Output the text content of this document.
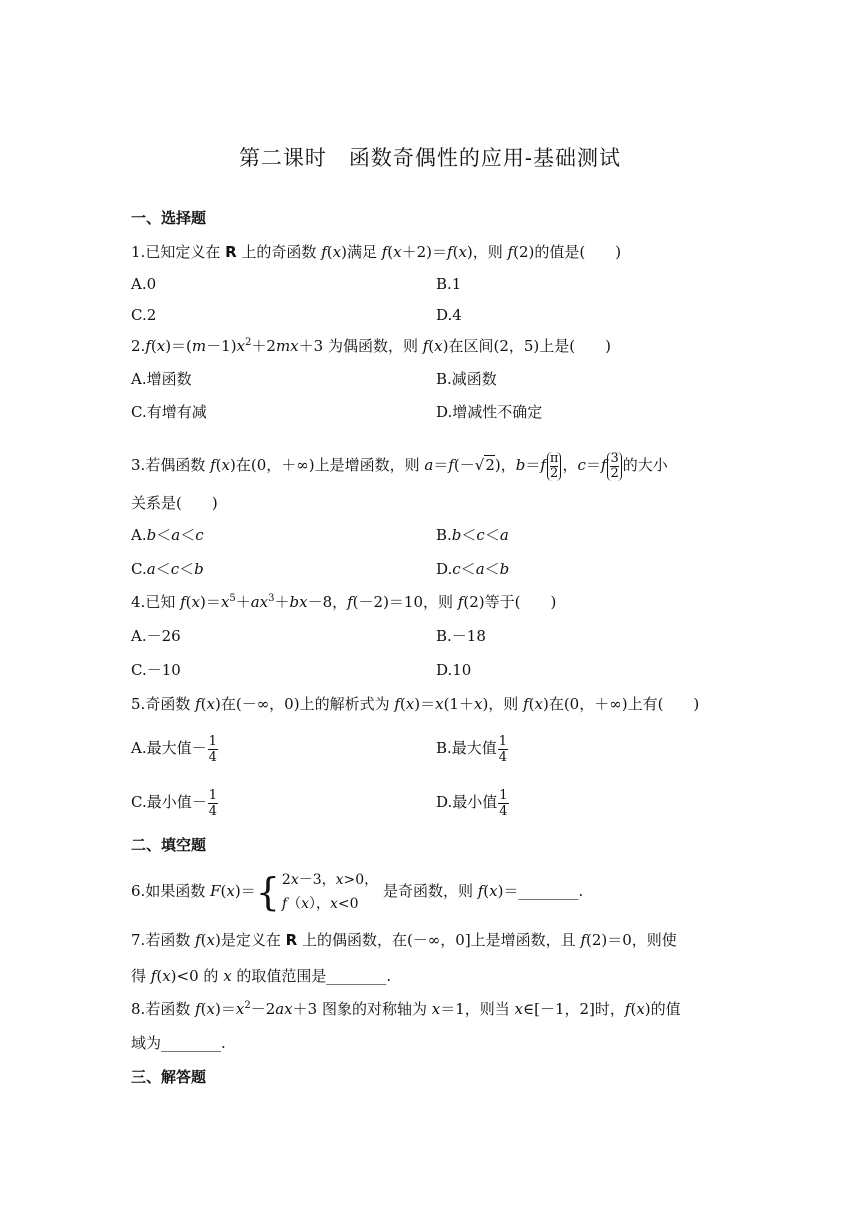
第二课时　函数奇偶性的应用-基础测试
一、选择题
1.已知定义在 R 上的奇函数 f(x)满足 f(x＋2)＝f(x)，则 f(2)的值是(　　)
A.0	B.1
C.2	D.4
$2.f(x)=(m-1)x^2+2mx+3$ 为偶函数，则 f(x)在区间(2，5)上是(　　)
A.增函数	B.减函数
C.有增有减	D.增减性不确定
3.若偶函数 f(x)在(0，＋∞)上是增函数，则 a＝f(－√2)，$b=f \frac{\pi}{2}$ ，$c=f \frac{3}{2}$ 的大小
关系是(　　)
A.b＜a＜c	B.b＜c＜a
C.a＜c＜b	D.c＜a＜b
4.已知 $f(x)=x^5+ax^3+bx-8$，f(－2)＝10，则 f(2)等于(　　)
A.－26	B.－18
C.－10	D.10
5.奇函数 f(x)在(－∞，0)上的解析式为 f(x)＝x(1＋x)，则 f(x)在(0，＋∞)上有(　　)
A.最大值－ $\frac{1}{4}$	B.最大值 $\frac{1}{4}$
C.最小值－ $\frac{1}{4}$	D.最小值 $\frac{1}{4}$
二、填空题
6.如果函数 F(x)＝ { 2x－3，x>0，
f（x），x<0
是奇函数，则 f(x)＝________.
7.若函数 f(x)是定义在 R 上的偶函数，在(－∞，0]上是增函数，且 f(2)＝0，则使
得 f(x)<0 的 x 的取值范围是________.
8.若函数 $f(x)=x^2-2ax+3$ 图象的对称轴为 x＝1，则当 x∈[－1，2]时，f(x)的值
域为________.
三、解答题
